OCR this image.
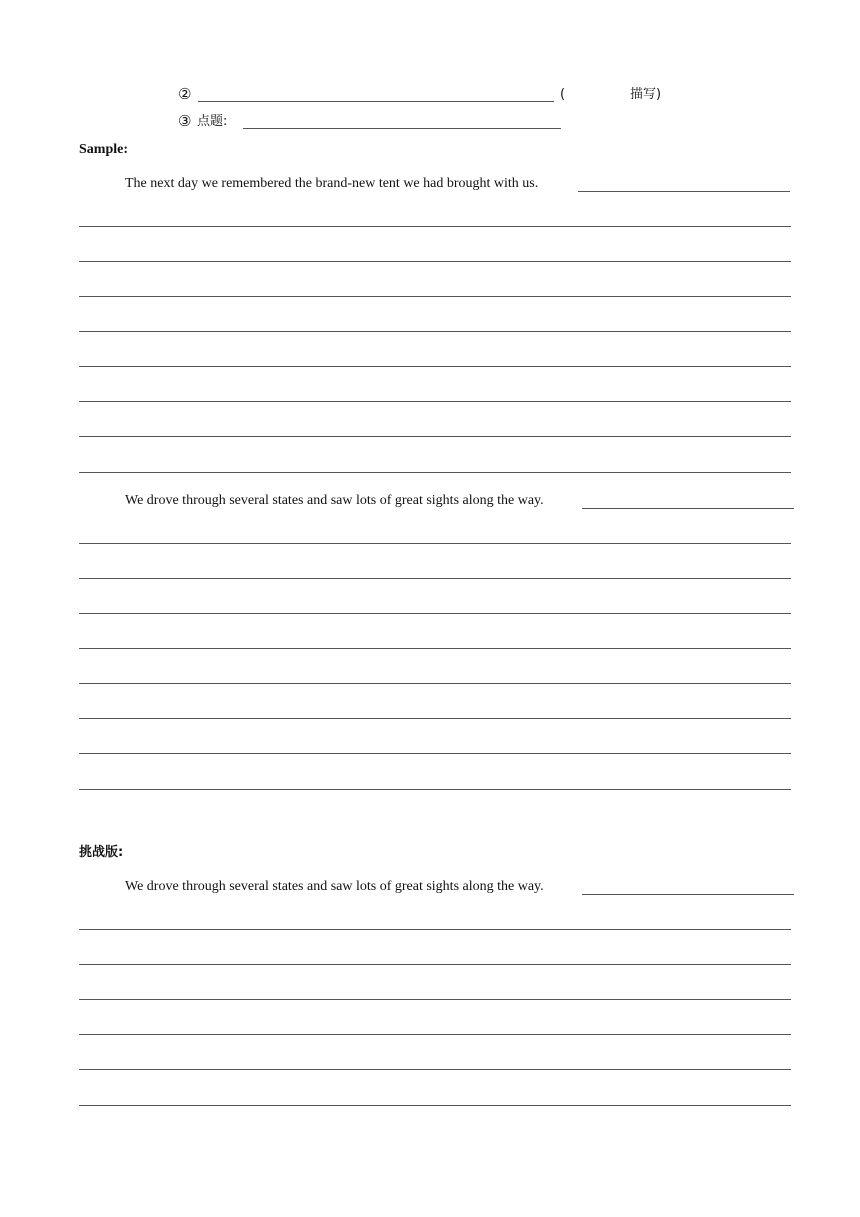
②	(	描写)
③ 点题:
Sample:
The next day we remembered the brand-new tent we had brought with us.
We drove through several states and saw lots of great sights along the way.
挑战版:
We drove through several states and saw lots of great sights along the way.
